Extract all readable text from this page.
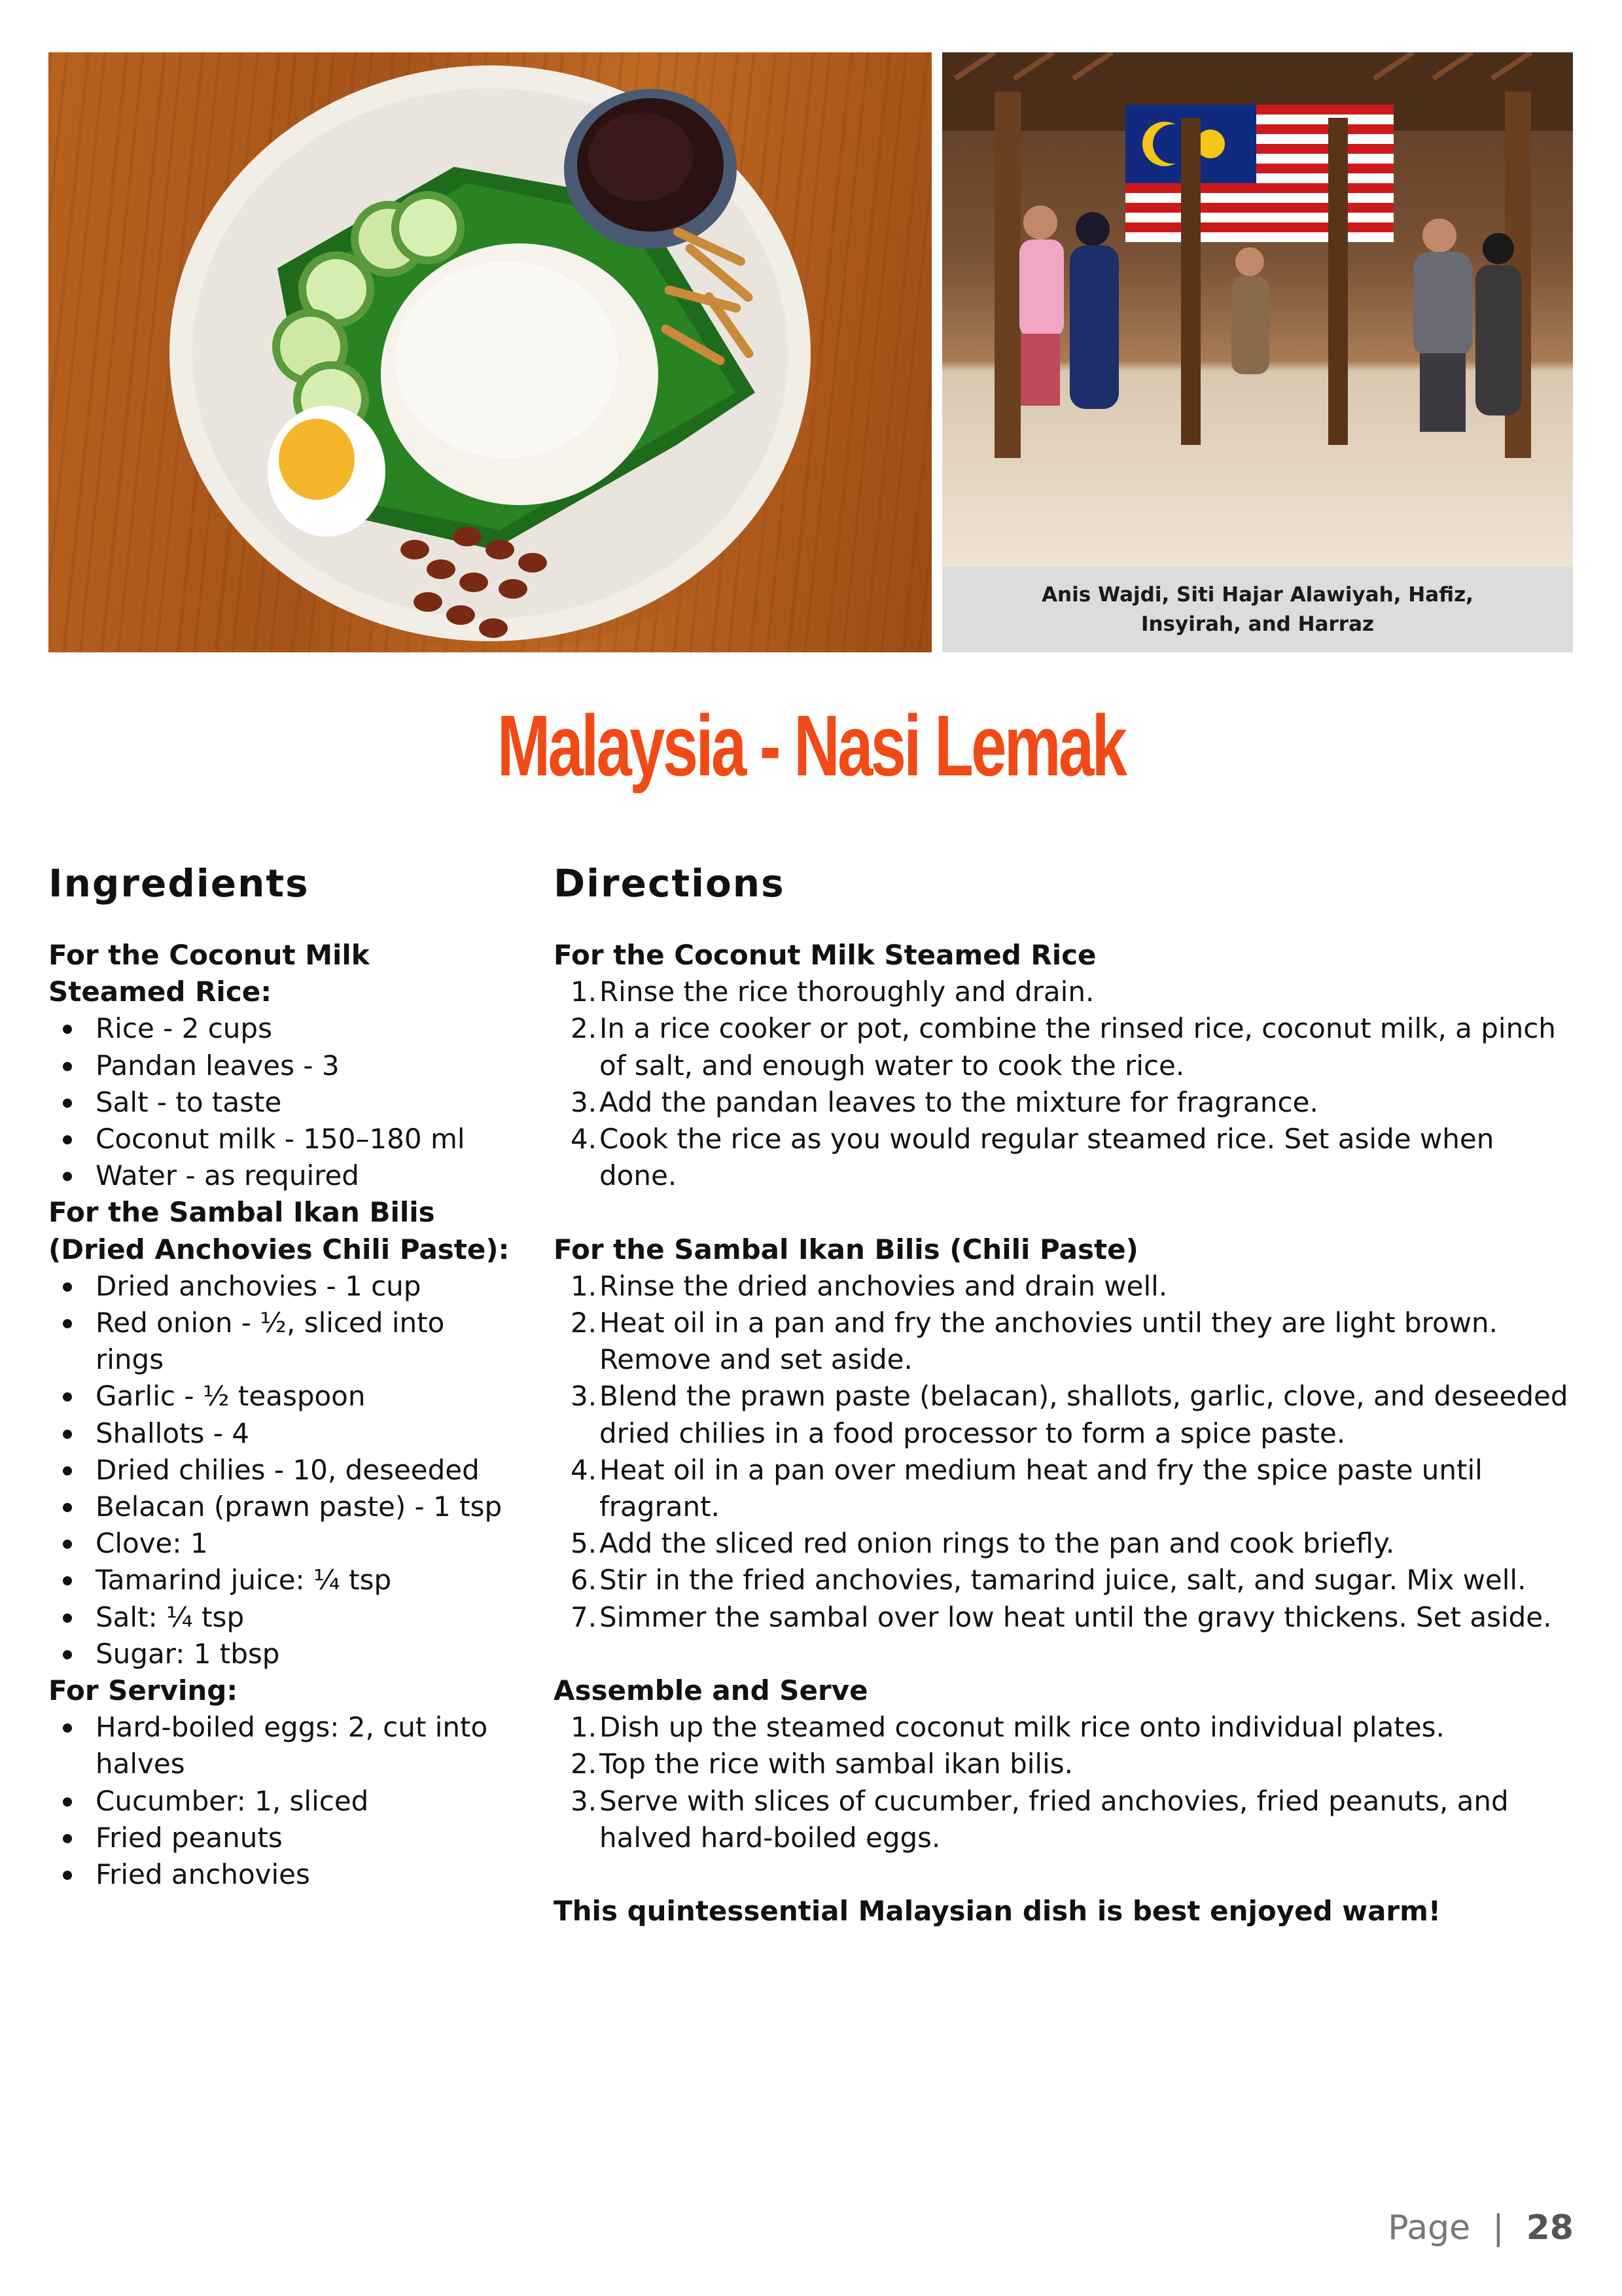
Anis Wajdi, Siti Hajar Alawiyah, Hafiz,
Insyirah, and Harraz
Malaysia - Nasi Lemak
Ingredients

For the Coconut Milk
Steamed Rice:

Rice - 2 cups
Pandan leaves - 3
Salt - to taste
Coconut milk - 150–180 ml
Water - as required

For the Sambal Ikan Bilis
(Dried Anchovies Chili Paste):

Dried anchovies - 1 cup
Red onion - ½, sliced into rings
Garlic - ½ teaspoon
Shallots - 4
Dried chilies - 10, deseeded
Belacan (prawn paste) - 1 tsp
Clove: 1
Tamarind juice: ¼ tsp
Salt: ¼ tsp
Sugar: 1 tbsp

For Serving:

Hard-boiled eggs: 2, cut into halves
Cucumber: 1, sliced
Fried peanuts
Fried anchovies
Directions

For the Coconut Milk Steamed Rice

1. Rinse the rice thoroughly and drain.
2. In a rice cooker or pot, combine the rinsed rice, coconut milk, a pinch of salt, and enough water to cook the rice.
3. Add the pandan leaves to the mixture for fragrance.
4. Cook the rice as you would regular steamed rice. Set aside when done.

For the Sambal Ikan Bilis (Chili Paste)

1. Rinse the dried anchovies and drain well.
2. Heat oil in a pan and fry the anchovies until they are light brown. Remove and set aside.
3. Blend the prawn paste (belacan), shallots, garlic, clove, and deseeded dried chilies in a food processor to form a spice paste.
4. Heat oil in a pan over medium heat and fry the spice paste until fragrant.
5. Add the sliced red onion rings to the pan and cook briefly.
6. Stir in the fried anchovies, tamarind juice, salt, and sugar. Mix well.
7. Simmer the sambal over low heat until the gravy thickens. Set aside.

Assemble and Serve

1. Dish up the steamed coconut milk rice onto individual plates.
2. Top the rice with sambal ikan bilis.
3. Serve with slices of cucumber, fried anchovies, fried peanuts, and halved hard-boiled eggs.

This quintessential Malaysian dish is best enjoyed warm!

Page | 28
